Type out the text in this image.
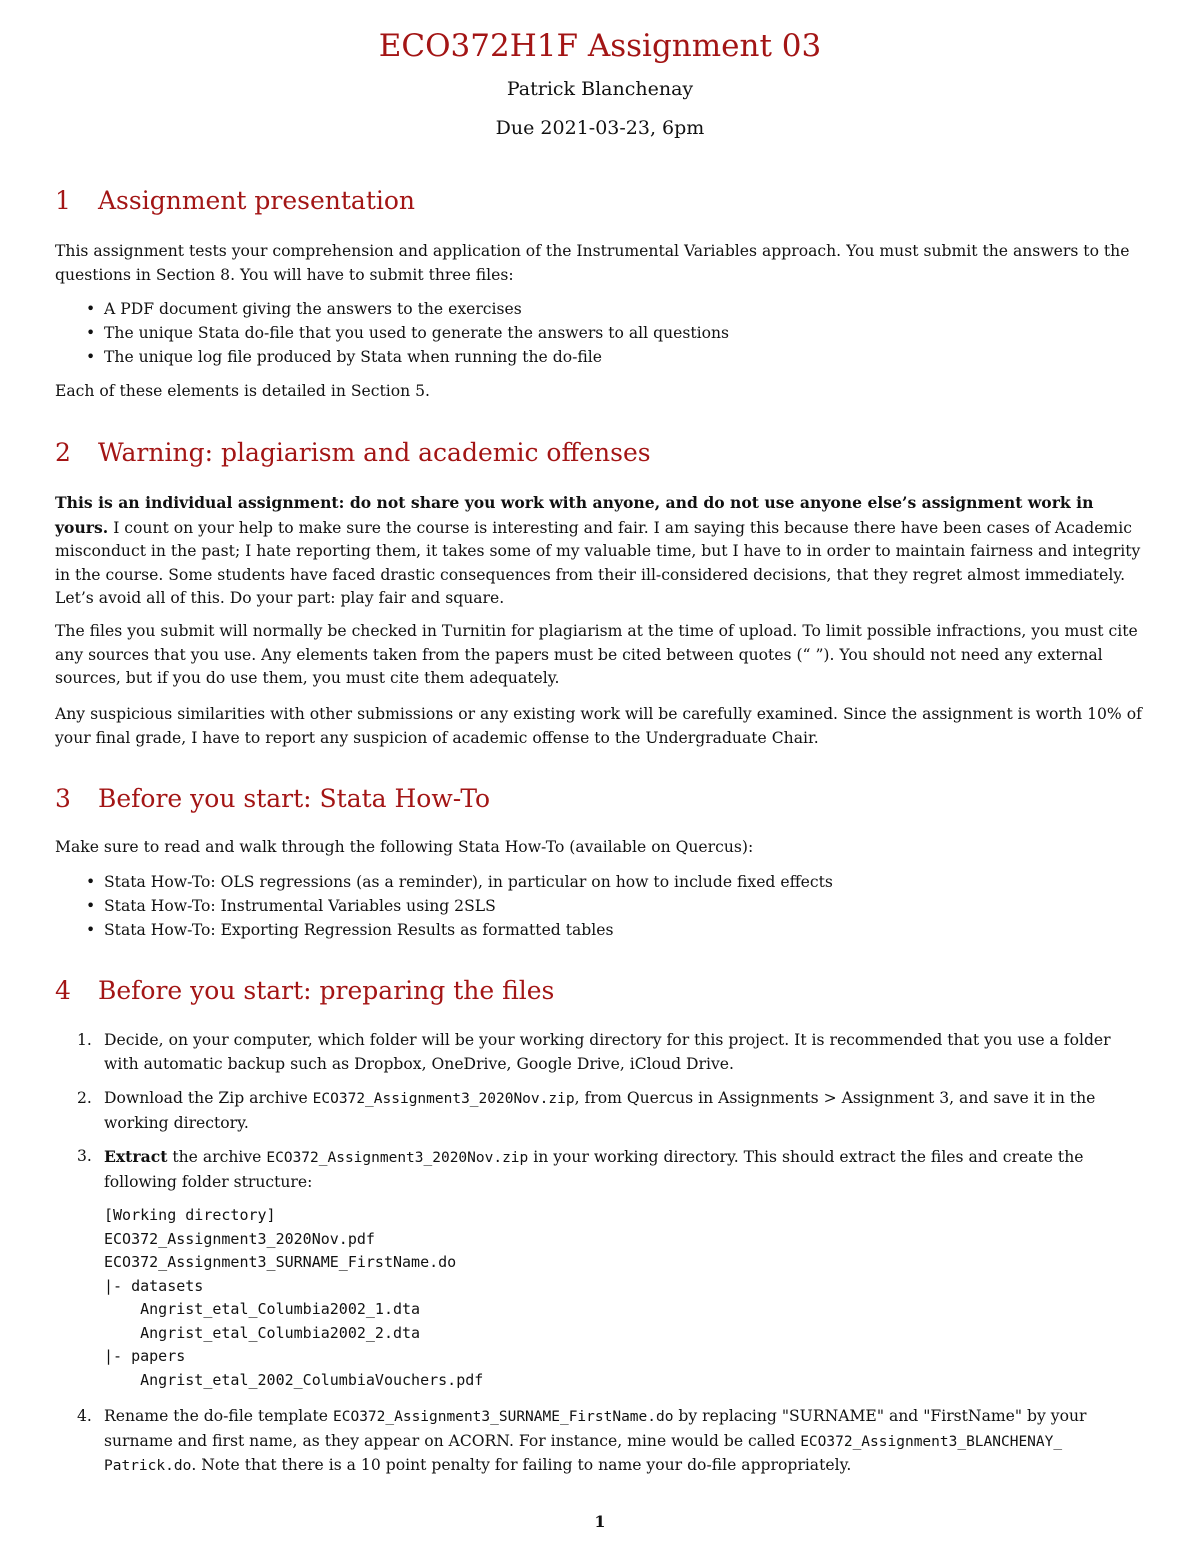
ECO372H1F Assignment 03
Patrick Blanchenay
Due 2021-03-23, 6pm
1 Assignment presentation

This assignment tests your comprehension and application of the Instrumental Variables approach. You must submit the answers to the questions in Section 8. You will have to submit three files:

• A PDF document giving the answers to the exercises
• The unique Stata do-file that you used to generate the answers to all questions
• The unique log file produced by Stata when running the do-file

Each of these elements is detailed in Section 5.

2 Warning: plagiarism and academic offenses

This is an individual assignment: do not share you work with anyone, and do not use anyone else’s assignment work in yours. I count on your help to make sure the course is interesting and fair. I am saying this because there have been cases of Academic misconduct in the past; I hate reporting them, it takes some of my valuable time, but I have to in order to maintain fairness and integrity in the course. Some students have faced drastic consequences from their ill-considered decisions, that they regret almost immediately. Let’s avoid all of this. Do your part: play fair and square.

The files you submit will normally be checked in Turnitin for plagiarism at the time of upload. To limit possible infractions, you must cite any sources that you use. Any elements taken from the papers must be cited between quotes (“ ”). You should not need any external sources, but if you do use them, you must cite them adequately.

Any suspicious similarities with other submissions or any existing work will be carefully examined. Since the assignment is worth 10% of your final grade, I have to report any suspicion of academic offense to the Undergraduate Chair.

3 Before you start: Stata How-To

Make sure to read and walk through the following Stata How-To (available on Quercus):

• Stata How-To: OLS regressions (as a reminder), in particular on how to include fixed effects
• Stata How-To: Instrumental Variables using 2SLS
• Stata How-To: Exporting Regression Results as formatted tables
4 Before you start: preparing the files
1. Decide, on your computer, which folder will be your working directory for this project. It is recommended that you use a folder with automatic backup such as Dropbox, OneDrive, Google Drive, iCloud Drive.
2. Download the Zip archive ECO372_Assignment3_2020Nov.zip, from Quercus in Assignments > Assignment 3, and save it in the working directory.
3. Extract the archive ECO372_Assignment3_2020Nov.zip in your working directory. This should extract the files and create the following folder structure:
[Working directory]
ECO372_Assignment3_2020Nov.pdf
ECO372_Assignment3_SURNAME_FirstName.do
|- datasets
Angrist_etal_Columbia2002_1.dta
Angrist_etal_Columbia2002_2.dta
|- papers
Angrist_etal_2002_ColumbiaVouchers.pdf
4. Rename the do-file template ECO372_Assignment3_SURNAME_FirstName.do by replacing "SURNAME" and "FirstName" by your surname and first name, as they appear on ACORN. For instance, mine would be called ECO372_Assignment3_BLANCHENAY_ Patrick.do. Note that there is a 10 point penalty for failing to name your do-file appropriately.
1
